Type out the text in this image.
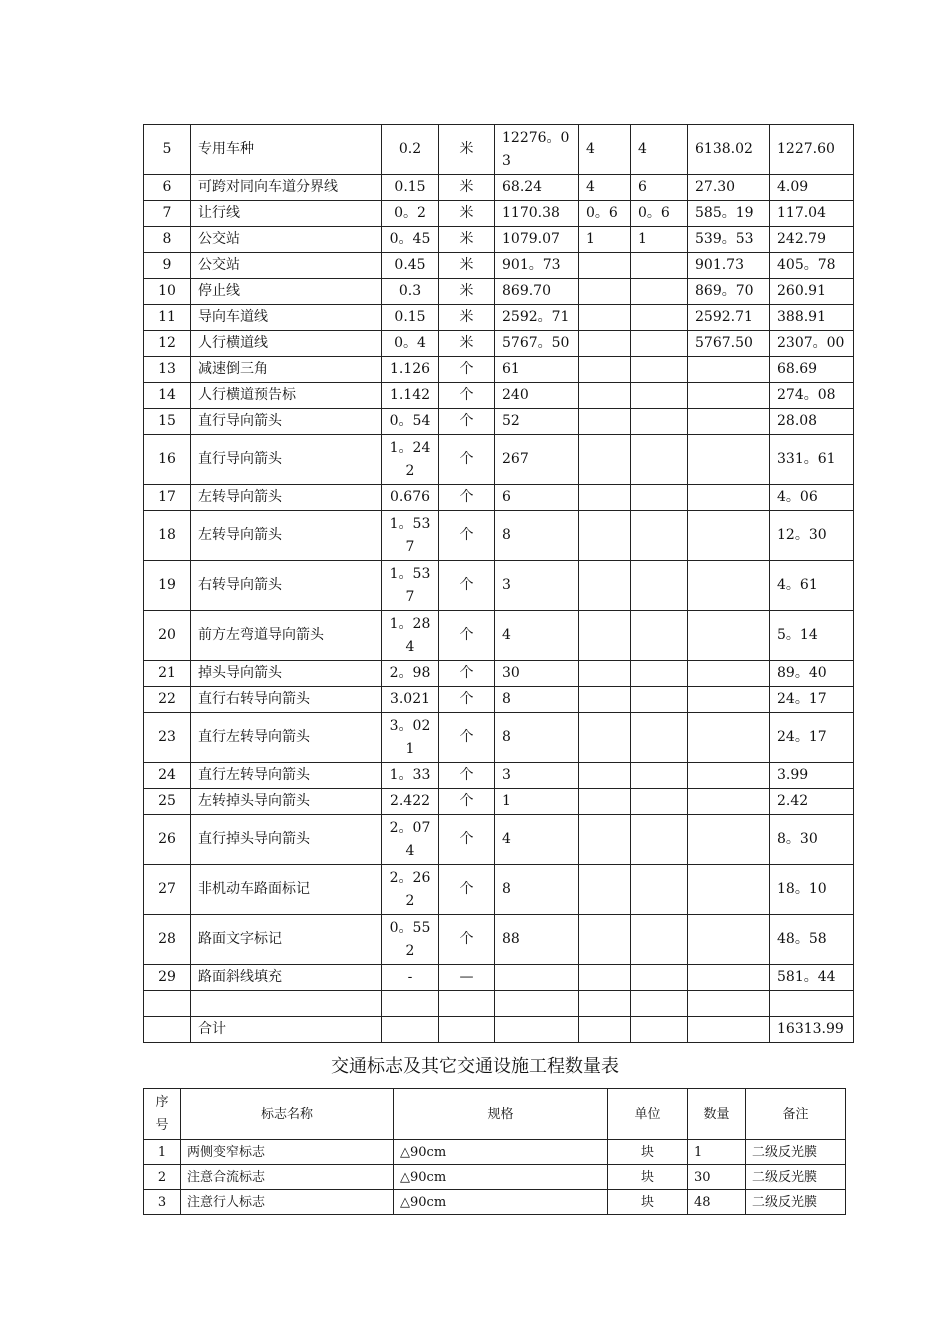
5	专用车种	0.2	米	12276。03	4	4	6138.02	1227.60
6	可跨对同向车道分界线	0.15	米	68.24	4	6	27.30	4.09
7	让行线	0。2	米	1170.38	0。6	0。6	585。19	117.04
8	公交站	0。45	米	1079.07	1	1	539。53	242.79
9	公交站	0.45	米	901。73			901.73	405。78
10	停止线	0.3	米	869.70			869。70	260.91
11	导向车道线	0.15	米	2592。71			2592.71	388.91
12	人行横道线	0。4	米	5767。50			5767.50	2307。00
13	减速倒三角	1.126	个	61				68.69
14	人行横道预告标	1.142	个	240				274。08
15	直行导向箭头	0。54	个	52				28.08
16	直行导向箭头	1。242	个	267				331。61
17	左转导向箭头	0.676	个	6				4。06
18	左转导向箭头	1。537	个	8				12。30
19	右转导向箭头	1。537	个	3				4。61
20	前方左弯道导向箭头	1。284	个	4				5。14
21	掉头导向箭头	2。98	个	30				89。40
22	直行右转导向箭头	3.021	个	8				24。17
23	直行左转导向箭头	3。021	个	8				24。17
24	直行左转导向箭头	1。33	个	3				3.99
25	左转掉头导向箭头	2.422	个	1				2.42
26	直行掉头导向箭头	2。074	个	4				8。30
27	非机动车路面标记	2。262	个	8				18。10
28	路面文字标记	0。552	个	88				48。58
29	路面斜线填充	-	—					581。44

	合计							16313.99
交通标志及其它交通设施工程数量表
序号	标志名称	规格	单位	数量	备注
1	两侧变窄标志	△90cm	块	1	二级反光膜
2	注意合流标志	△90cm	块	30	二级反光膜
3	注意行人标志	△90cm	块	48	二级反光膜
